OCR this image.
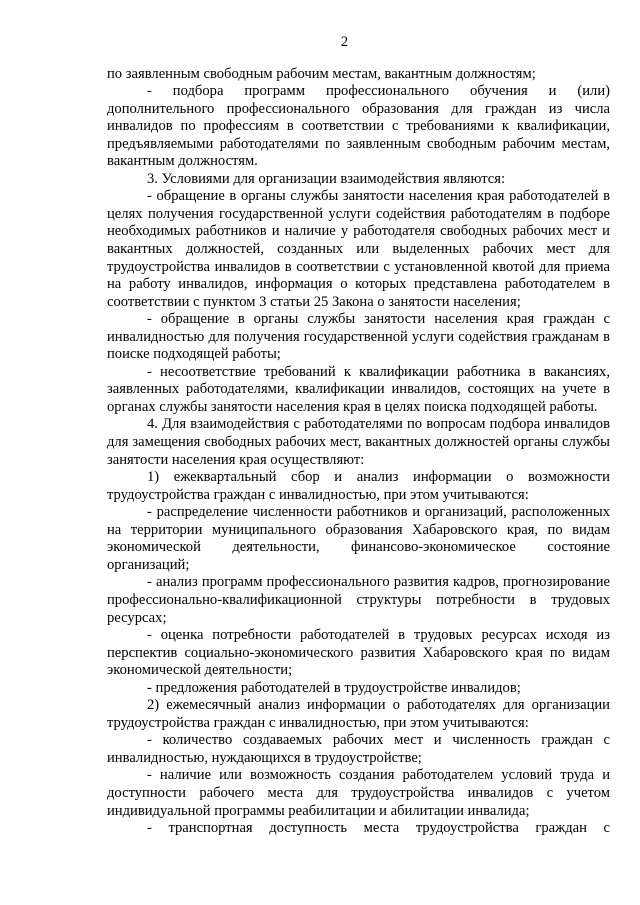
2

по заявленным свободным рабочим местам, вакантным должностям;

- подбора программ профессионального обучения и (или) дополнительного профессионального образования для граждан из числа инвалидов по профессиям в соответствии с требованиями к квалификации, предъявляемыми работодателями по заявленным свободным рабочим местам, вакантным должностям.

3. Условиями для организации взаимодействия являются:

- обращение в органы службы занятости населения края работодателей в целях получения государственной услуги содействия работодателям в подборе необходимых работников и наличие у работодателя свободных рабочих мест и вакантных должностей, созданных или выделенных рабочих мест для трудоустройства инвалидов в соответствии с установленной квотой для приема на работу инвалидов, информация о которых представлена работодателем в соответствии с пунктом 3 статьи 25 Закона о занятости населения;

- обращение в органы службы занятости населения края граждан с инвалидностью для получения государственной услуги содействия гражданам в поиске подходящей работы;

- несоответствие требований к квалификации работника в вакансиях, заявленных работодателями, квалификации инвалидов, состоящих на учете в органах службы занятости населения края в целях поиска подходящей работы.

4. Для взаимодействия с работодателями по вопросам подбора инвалидов для замещения свободных рабочих мест, вакантных должностей органы службы занятости населения края осуществляют:

1) ежеквартальный сбор и анализ информации о возможности трудоустройства граждан с инвалидностью, при этом учитываются:

- распределение численности работников и организаций, расположенных на территории муниципального образования Хабаровского края, по видам экономической деятельности, финансово-экономическое состояние организаций;

- анализ программ профессионального развития кадров, прогнозирование профессионально-квалификационной структуры потребности в трудовых ресурсах;

- оценка потребности работодателей в трудовых ресурсах исходя из перспектив социально-экономического развития Хабаровского края по видам экономической деятельности;

- предложения работодателей в трудоустройстве инвалидов;

2) ежемесячный анализ информации о работодателях для организации трудоустройства граждан с инвалидностью, при этом учитываются:

- количество создаваемых рабочих мест и численность граждан с инвалидностью, нуждающихся в трудоустройстве;

- наличие или возможность создания работодателем условий труда и доступности рабочего места для трудоустройства инвалидов с учетом индивидуальной программы реабилитации и абилитации инвалида;

- транспортная доступность места трудоустройства граждан с
